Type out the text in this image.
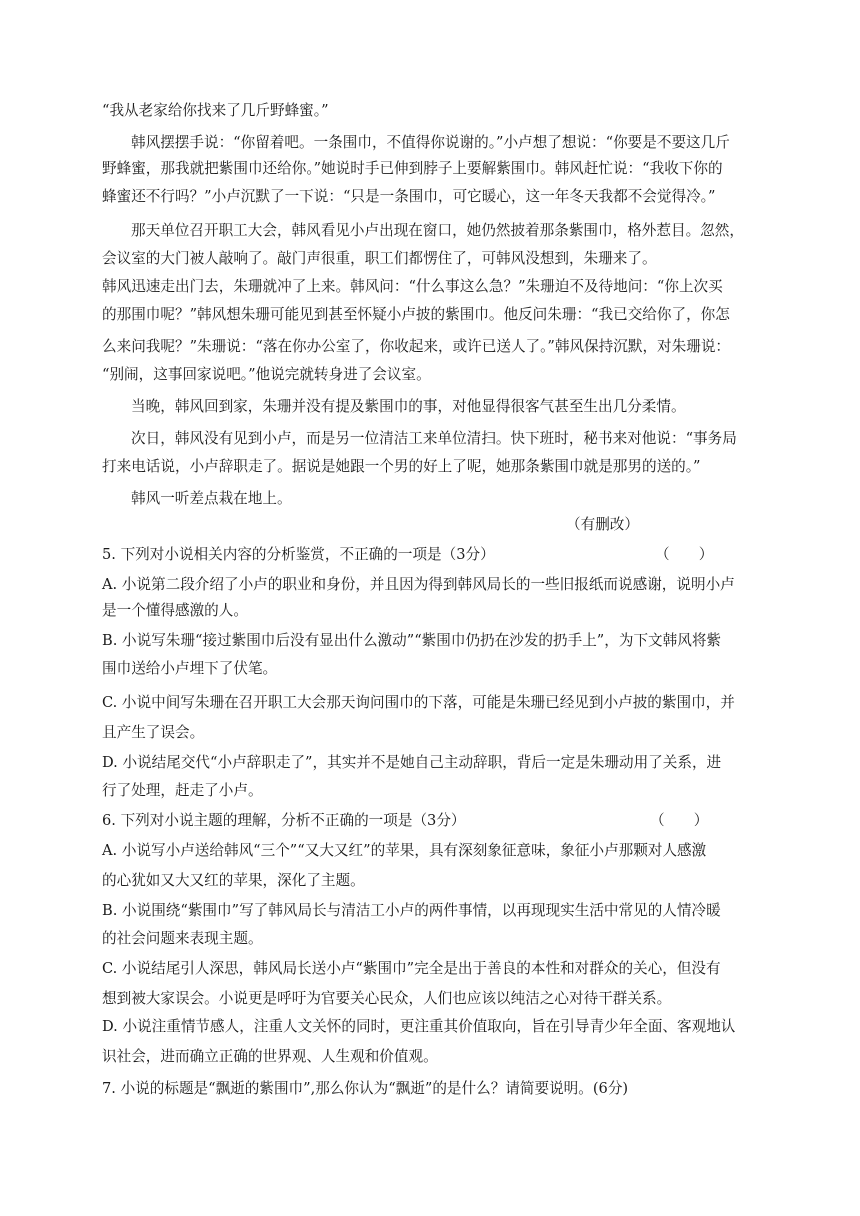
“我从老家给你找来了几斤野蜂蜜。”
韩风摆摆手说：“你留着吧。一条围巾，不值得你说谢的。”小卢想了想说：“你要是不要这几斤
野蜂蜜，那我就把紫围巾还给你。”她说时手已伸到脖子上要解紫围巾。韩风赶忙说：“我收下你的
蜂蜜还不行吗？”小卢沉默了一下说：“只是一条围巾，可它暖心，这一年冬天我都不会觉得冷。”
那天单位召开职工大会，韩风看见小卢出现在窗口，她仍然披着那条紫围巾，格外惹目。忽然，
会议室的大门被人敲响了。敲门声很重，职工们都愣住了，可韩风没想到，朱珊来了。
韩风迅速走出门去，朱珊就冲了上来。韩风问：“什么事这么急？”朱珊迫不及待地问：“你上次买
的那围巾呢？”韩风想朱珊可能见到甚至怀疑小卢披的紫围巾。他反问朱珊：“我已交给你了，你怎
么来问我呢？”朱珊说：“落在你办公室了，你收起来，或许已送人了。”韩风保持沉默，对朱珊说：
“别闹，这事回家说吧。”他说完就转身进了会议室。
当晚，韩风回到家，朱珊并没有提及紫围巾的事，对他显得很客气甚至生出几分柔情。
次日，韩风没有见到小卢，而是另一位清洁工来单位清扫。快下班时，秘书来对他说：“事务局
打来电话说，小卢辞职走了。据说是她跟一个男的好上了呢，她那条紫围巾就是那男的送的。”
韩风一听差点栽在地上。
（有删改）
5. 下列对小说相关内容的分析鉴赏，不正确的一项是（3分）	（　　）
A. 小说第二段介绍了小卢的职业和身份，并且因为得到韩风局长的一些旧报纸而说感谢，说明小卢
是一个懂得感激的人。
B. 小说写朱珊“接过紫围巾后没有显出什么激动”“紫围巾仍扔在沙发的扔手上”，为下文韩风将紫
围巾送给小卢埋下了伏笔。
C. 小说中间写朱珊在召开职工大会那天询问围巾的下落，可能是朱珊已经见到小卢披的紫围巾，并
且产生了误会。
D. 小说结尾交代“小卢辞职走了”，其实并不是她自己主动辞职，背后一定是朱珊动用了关系，进
行了处理，赶走了小卢。
6. 下列对小说主题的理解，分析不正确的一项是（3分）	（　　）
A. 小说写小卢送给韩风“三个”“又大又红”的苹果，具有深刻象征意味，象征小卢那颗对人感激
的心犹如又大又红的苹果，深化了主题。
B. 小说围绕“紫围巾”写了韩风局长与清洁工小卢的两件事情，以再现现实生活中常见的人情冷暖
的社会问题来表现主题。
C. 小说结尾引人深思，韩风局长送小卢“紫围巾”完全是出于善良的本性和对群众的关心，但没有
想到被大家误会。小说更是呼吁为官要关心民众，人们也应该以纯洁之心对待干群关系。
D. 小说注重情节感人，注重人文关怀的同时，更注重其价值取向，旨在引导青少年全面、客观地认
识社会，进而确立正确的世界观、人生观和价值观。
7. 小说的标题是“飘逝的紫围巾”,那么你认为“飘逝”的是什么？请简要说明。(6分)
